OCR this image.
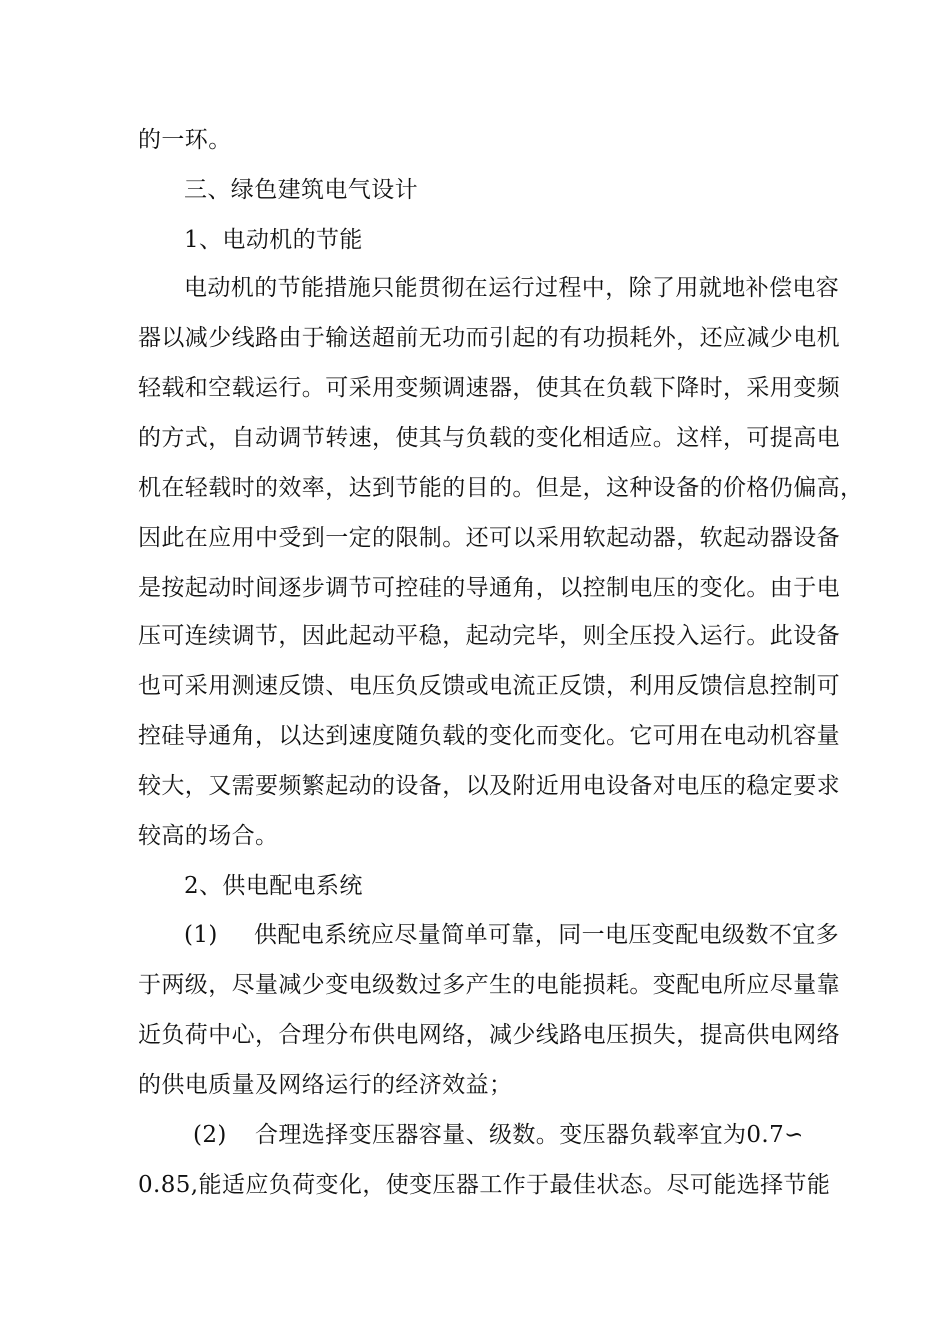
的一环。
三、绿色建筑电气设计
1、电动机的节能
电动机的节能措施只能贯彻在运行过程中，除了用就地补偿电容
器以减少线路由于输送超前无功而引起的有功损耗外，还应减少电机
轻载和空载运行。可采用变频调速器，使其在负载下降时，采用变频
的方式，自动调节转速，使其与负载的变化相适应。这样，可提高电
机在轻载时的效率，达到节能的目的。但是，这种设备的价格仍偏高，
因此在应用中受到一定的限制。还可以采用软起动器，软起动器设备
是按起动时间逐步调节可控硅的导通角，以控制电压的变化。由于电
压可连续调节，因此起动平稳，起动完毕，则全压投入运行。此设备
也可采用测速反馈、电压负反馈或电流正反馈，利用反馈信息控制可
控硅导通角，以达到速度随负载的变化而变化。它可用在电动机容量
较大，又需要频繁起动的设备，以及附近用电设备对电压的稳定要求
较高的场合。
2、供电配电系统
(1) 供配电系统应尽量简单可靠，同一电压变配电级数不宜多
于两级，尽量减少变电级数过多产生的电能损耗。变配电所应尽量靠
近负荷中心，合理分布供电网络，减少线路电压损失，提高供电网络
的供电质量及网络运行的经济效益；
(2) 合理选择变压器容量、级数。变压器负载率宜为0.7∽
0.85,能适应负荷变化，使变压器工作于最佳状态。尽可能选择节能
